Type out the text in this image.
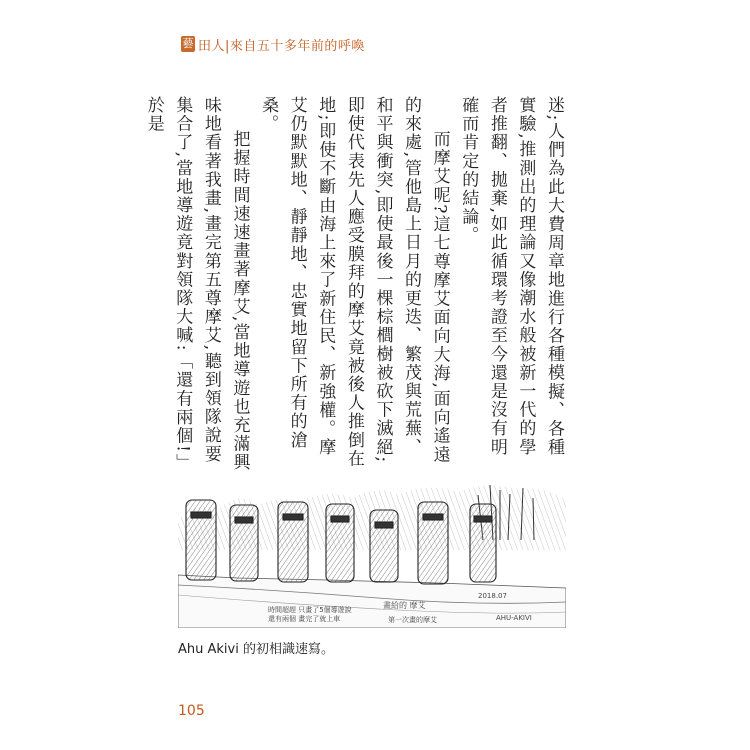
藝 田人|來自五十多年前的呼喚

迷;人們為此大費周章地進行各種模擬、各種實驗,推測出的理論又像潮水般被新一代的學者推翻、拋棄,如此循環考證至今還是沒有明確而肯定的結論。

而摩艾呢?這七尊摩艾面向大海,面向遙遠的來處,管他島上日月的更迭、繁茂與荒蕪、和平與衝突,即使最後一棵棕櫚樹被砍下滅絕;即使代表先人應受膜拜的摩艾竟被後人推倒在地;即使不斷由海上來了新住民、新強權。摩艾仍默默地、靜靜地、忠實地留下所有的滄桑。

把握時間速速畫著摩艾,當地導遊也充滿興味地看著我畫,畫完第五尊摩艾,聽到領隊說要集合了,當地導遊竟對領隊大喊:「還有兩個!」於是

時間超趕 只畫了5個導遊說
還有兩個 畫完了就上車
畫給的 摩艾
第一次畫的摩艾	AHU-AKIVI
2018.07
Ahu Akivi 的初相識速寫。
105
